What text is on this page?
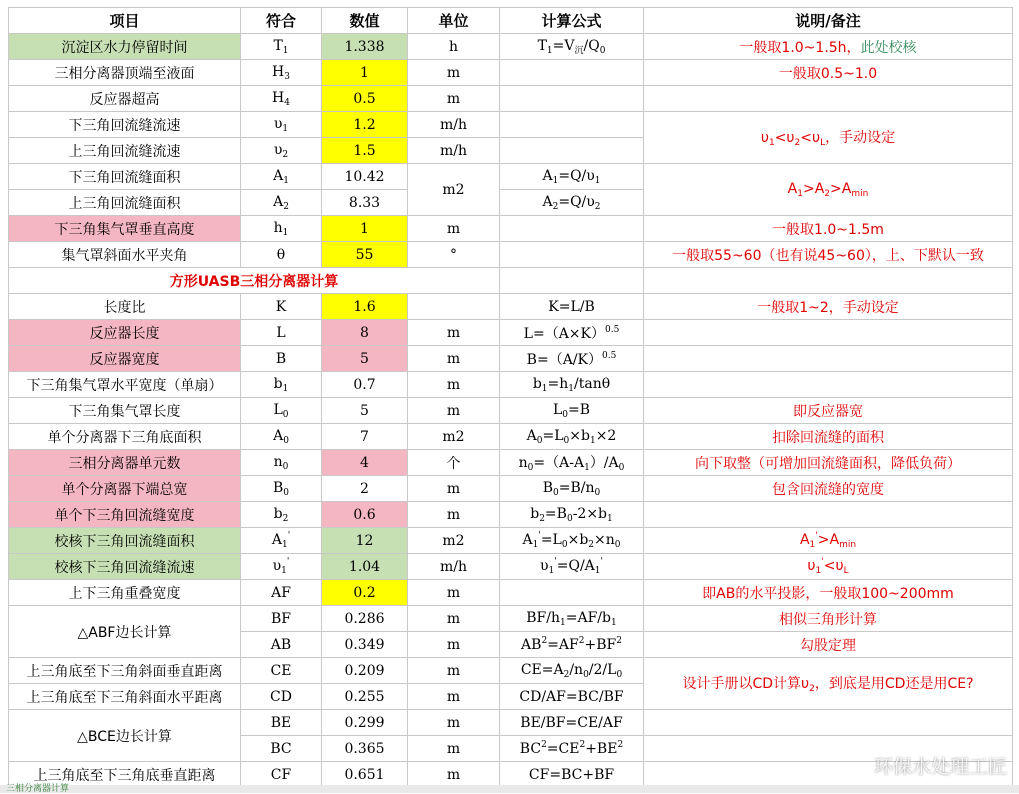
项目	符合	数值	单位	计算公式	说明/备注
沉淀区水力停留时间	$T_1$	1.338	h	$T_1=V_沉/Q_0$	一般取1.0~1.5h，此处校核
三相分离器顶端至液面	$H_3$	1	m		一般取0.5~1.0
反应器超高	$H_4$	0.5	m		
下三角回流缝流速	$\upsilon_1$	1.2	m/h		$\upsilon_1<\upsilon_2<\upsilon_L$，手动设定
上三角回流缝流速	$\upsilon_2$	1.5	m/h		
下三角回流缝面积	$A_1$	10.42	m2	$A_1=Q/\upsilon_1$	$A_1>A_2>A_{min}$
上三角回流缝面积	$A_2$	8.33		$A_2=Q/\upsilon_2$
下三角集气罩垂直高度	$h_1$	1	m		一般取1.0~1.5m
集气罩斜面水平夹角	θ	55	°		一般取55~60（也有说45~60），上、下默认一致
方形UASB三相分离器计算					
长度比	K	1.6		K=L/B	一般取1~2，手动设定
反应器长度	L	8	m	$L=(A\times K)^{0.5}$	
反应器宽度	B	5	m	$B=(A/K)^{0.5}$	
下三角集气罩水平宽度（单扇）	$b_1$	0.7	m	$b_1=h_1$/tanθ	
下三角集气罩长度	$L_0$	5	m	$L_0=B$	即反应器宽
单个分离器下三角底面积	$A_0$	7	m2	$A_0=L_0\times b_1\times 2$	扣除回流缝的面积
三相分离器单元数	$n_0$	4	个	$n_0=(A-A_1)/A_0$	向下取整（可增加回流缝面积，降低负荷）
单个分离器下端总宽	$B_0$	2	m	$B_0=B/n_0$	包含回流缝的宽度
单个下三角回流缝宽度	$b_2$	0.6	m	$b_2=B_0-2\times b_1$	
校核下三角回流缝面积	$A_1'$	12	m2	$A_1'=L_0\times b_2\times n_0$	$A_1'>A_{min}$
校核下三角回流缝流速	$\upsilon_1'$	1.04	m/h	$\upsilon_1'=Q/A_1'$	$\upsilon_1'<\upsilon_L$
上下三角重叠宽度	AF	0.2	m		即AB的水平投影，一般取100~200mm
△ABF边长计算	BF	0.286	m	$BF/h_1=AF/b_1$	相似三角形计算
	AB	0.349	m	$AB^2=AF^2+BF^2$	勾股定理
上三角底至下三角斜面垂直距离	CE	0.209	m	$CE=A_2/n_0/2/L_0$	设计手册以CD计算$\upsilon_2$，到底是用CD还是用CE?
上三角底至下三角斜面水平距离	CD	0.255	m	CD/AF=BC/BF	
△BCE边长计算	BE	0.299	m	BE/BF=CE/AF	
	BC	0.365	m	$BC^2=CE^2+BE^2$	
上三角底至下三角底垂直距离	CF	0.651	m	CF=BC+BF	
三相分离器计算
环保水处理工匠
